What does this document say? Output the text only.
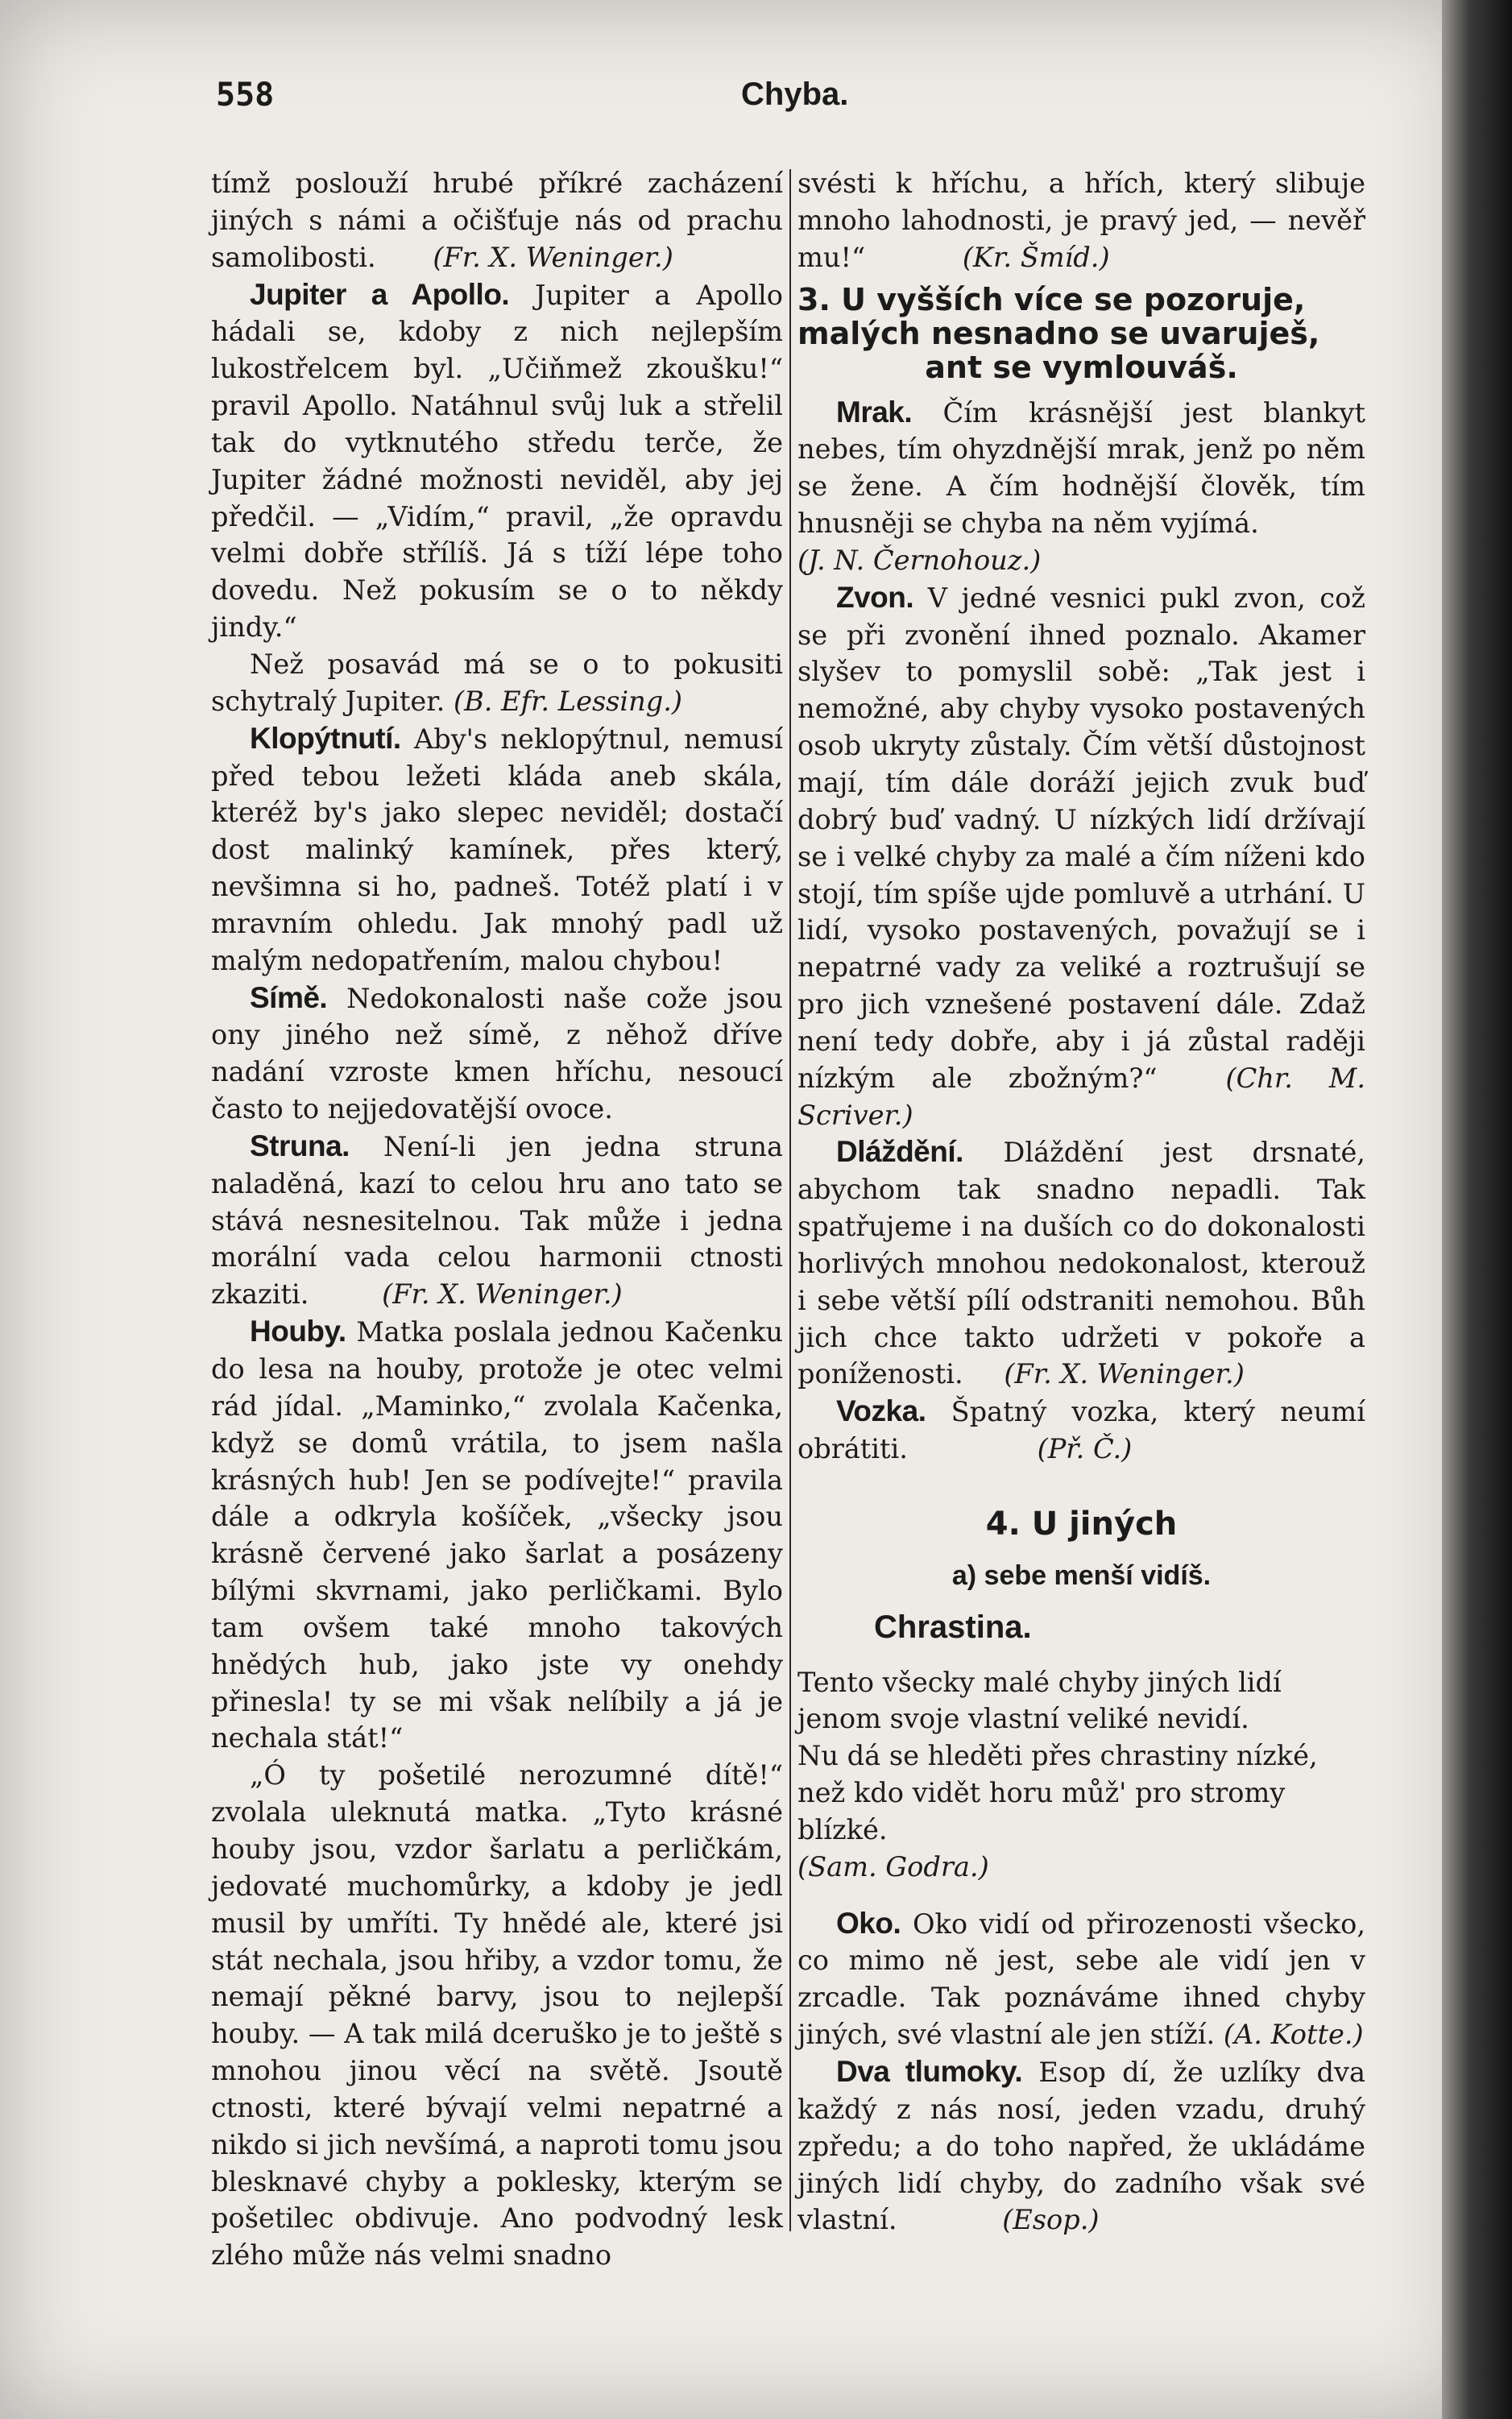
558	Chyba.

tímž poslouží hrubé příkré zacházení jiných s námi a očišťuje nás od prachu samolibosti. (Fr. X. Weninger.)

Jupiter a Apollo. Jupiter a Apollo hádali se, kdoby z nich nejlepším lukostřelcem byl. „Učiňmež zkoušku!“ pravil Apollo. Natáhnul svůj luk a střelil tak do vytknutého středu terče, že Jupiter žádné možnosti neviděl, aby jej předčil. — „Vidím,“ pravil, „že opravdu velmi dobře střílíš. Já s tíží lépe toho dovedu. Než pokusím se o to někdy jindy.“

Než posavád má se o to pokusiti schytralý Jupiter. (B. Efr. Lessing.)

Klopýtnutí. Aby's neklopýtnul, nemusí před tebou ležeti kláda aneb skála, kteréž by's jako slepec neviděl; dostačí dost malinký kamínek, přes který, nevšimna si ho, padneš. Totéž platí i v mravním ohledu. Jak mnohý padl už malým nedopatřením, malou chybou!

Símě. Nedokonalosti naše cože jsou ony jiného než símě, z něhož dříve nadání vzroste kmen hříchu, nesoucí často to nejjedovatější ovoce.

Struna. Není-li jen jedna struna naladěná, kazí to celou hru ano tato se stává nesnesitelnou. Tak může i jedna morální vada celou harmonii ctnosti zkaziti.	(Fr. X. Weninger.)

Houby. Matka poslala jednou Kačenku do lesa na houby, protože je otec velmi rád jídal. „Maminko,“ zvolala Kačenka, když se domů vrátila, to jsem našla krásných hub! Jen se podívejte!“ pravila dále a odkryla košíček, „všecky jsou krásně červené jako šarlat a posázeny bílými skvrnami, jako perličkami. Bylo tam ovšem také mnoho takových hnědých hub, jako jste vy onehdy přinesla! ty se mi však nelíbily a já je nechala stát!“

„Ó ty pošetilé nerozumné dítě!“ zvolala uleknutá matka. „Tyto krásné houby jsou, vzdor šarlatu a perličkám, jedovaté muchomůrky, a kdoby je jedl musil by umříti. Ty hnědé ale, které jsi stát nechala, jsou hřiby, a vzdor tomu, že nemají pěkné barvy, jsou to nejlepší houby. — A tak milá dceruško je to ještě s mnohou jinou věcí na světě. Jsoutě ctnosti, které bývají velmi nepatrné a nikdo si jich nevšímá, a naproti tomu jsou blesknavé chyby a poklesky, kterým se pošetilec obdivuje. Ano podvodný lesk zlého může nás velmi snadno

svésti k hříchu, a hřích, který slibuje mnoho lahodnosti, je pravý jed, — nevěř mu!“	(Kr. Šmíd.)

3. U vyšších více se pozoruje,
malých nesnadno se uvaruješ,
ant se vymlouváš.

Mrak. Čím krásnější jest blankyt nebes, tím ohyzdnější mrak, jenž po něm se žene. A čím hodnější člověk, tím hnusněji se chyba na něm vyjímá.

(J. N. Černohouz.)

Zvon. V jedné vesnici pukl zvon, což se při zvonění ihned poznalo. Akamer slyšev to pomyslil sobě: „Tak jest i nemožné, aby chyby vysoko postavených osob ukryty zůstaly. Čím větší důstojnost mají, tím dále doráží jejich zvuk buď dobrý buď vadný. U nízkých lidí držívají se i velké chyby za malé a čím níženi kdo stojí, tím spíše ujde pomluvě a utrhání. U lidí, vysoko postavených, považují se i nepatrné vady za veliké a roztrušují se pro jich vznešené postavení dále. Zdaž není tedy dobře, aby i já zůstal raději nízkým ale zbožným?“	(Chr. M. Scriver.)

Dláždění. Dláždění jest drsnaté, abychom tak snadno nepadli. Tak spatřujeme i na duších co do dokonalosti horlivých mnohou nedokonalost, kterouž i sebe větší pílí odstraniti nemohou. Bůh jich chce takto udržeti v pokoře a poníženosti. (Fr. X. Weninger.)

Vozka. Špatný vozka, který neumí obrátiti.	(Př. Č.)

4. U jiných

a) sebe menší vidíš.

Chrastina.

Tento všecky malé chyby jiných lidí

jenom svoje vlastní veliké nevidí.

Nu dá se hleděti přes chrastiny nízké,

než kdo vidět horu můž' pro stromy blízké.

(Sam. Godra.)

Oko. Oko vidí od přirozenosti všecko, co mimo ně jest, sebe ale vidí jen v zrcadle. Tak poznáváme ihned chyby jiných, své vlastní ale jen stíží. (A. Kotte.)

Dva tlumoky. Esop dí, že uzlíky dva každý z nás nosí, jeden vzadu, druhý zpředu; a do toho napřed, že ukládáme jiných lidí chyby, do zadního však své vlastní.	(Esop.)
